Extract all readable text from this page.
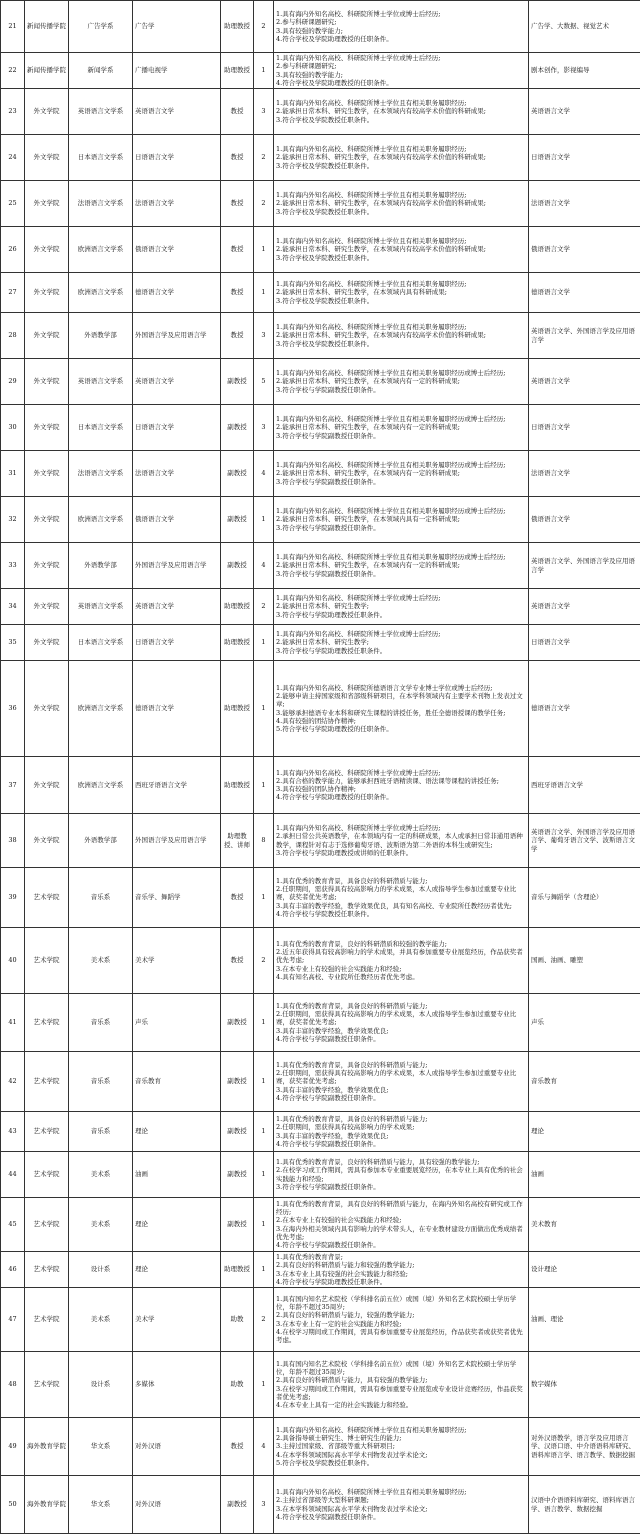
21	新闻传播学院	广告学系	广告学	助理教授	2	1.具有海内外知名高校、科研院所博士学位或博士后经历;
2.参与科研课题研究;
3.具有较强的教学能力;
4.符合学校及学院助理教授的任职条件。	广告学、大数据、视觉艺术
22	新闻传播学院	新闻学系	广播电视学	助理教授	1	1.具有海内外知名高校、科研院所博士学位或博士后经历;
2.参与科研课题研究;
3.具有较强的教学能力;
4.符合学校及学院助理教授的任职条件。	剧本创作，影视编导
23	外文学院	英语语言文学系	英语语言文学	教授	3	1.具有海内外知名高校、科研院所博士学位且有相关职务履职经历;
2.能承担日常本科、研究生教学，在本领域内有较高学术价值的科研成果;
3.符合学校及学院教授任职条件。	英语语言文学
24	外文学院	日本语言文学系	日语语言文学	教授	2	1.具有海内外知名高校、科研院所博士学位且有相关职务履职经历;
2.能承担日常本科、研究生教学，在本领域内有较高学术价值的科研成果;
3.符合学校及学院教授任职条件。	日语语言文学
25	外文学院	法语语言文学系	法语语言文学	教授	2	1.具有海内外知名高校、科研院所博士学位且有相关职务履职经历;
2.能承担日常本科、研究生教学，在本领域内有较高学术价值的科研成果;
3.符合学校及学院教授任职条件。	法语语言文学
26	外文学院	欧洲语言文学系	俄语语言文学	教授	1	1.具有海内外知名高校、科研院所博士学位且有相关职务履职经历;
2.能承担日常本科、研究生教学，在本领域内有较高学术价值的科研成果;
3.符合学校及学院教授任职条件。	俄语语言文学
27	外文学院	欧洲语言文学系	德语语言文学	教授	1	1.具有海内外知名高校、科研院所博士学位且有相关职务履职经历;
2.能承担日常本科、研究生教学，在本领域内具有科研成果;
3.符合学校及学院教授任职条件。	德语语言文学
28	外文学院	外语教学部	外国语言学及应用语言学	教授	3	1.具有海内外知名高校、科研院所博士学位且有相关职务履职经历;
2.能承担日常本科、研究生教学，在本领域内有较高学术价值的科研成果;
3.符合学校及学院教授任职条件。	英语语言文学、外国语言学及应用语言学
29	外文学院	英语语言文学系	英语语言文学	副教授	5	1.具有海内外知名高校、科研院所博士学位且有相关职务履职经历或博士后经历;
2.能承担日常本科、研究生教学，在本领域内有一定的科研成果;
3.符合学校与学院副教授任职条件。	英语语言文学
30	外文学院	日本语言文学系	日语语言文学	副教授	3	1.具有海内外知名高校、科研院所博士学位且有相关职务履职经历或博士后经历;
2.能承担日常本科、研究生教学，在本领域内有一定的科研成果;
3.符合学校与学院副教授任职条件。	日语语言文学
31	外文学院	法语语言文学系	法语语言文学	副教授	4	1.具有海内外知名高校、科研院所博士学位且有相关职务履职经历或博士后经历;
2.能承担日常本科、研究生教学，在本领域内有一定的科研成果;
3.符合学校与学院副教授任职条件。	法语语言文学
32	外文学院	欧洲语言文学系	俄语语言文学	副教授	1	1.具有海内外知名高校、科研院所博士学位且有相关职务履职经历或博士后经历;
2.能承担日常本科、研究生教学，在本领域内具有一定科研成果;
3.符合学校与学院副教授任职条件。	俄语语言文学
33	外文学院	外语教学部	外国语言学及应用语言学	副教授	4	1.具有海内外知名高校、科研院所博士学位且有相关职务履职经历或博士后经历;
2.能承担日常本科、研究生教学，在本领域内有一定的科研成果;
3.符合学校与学院副教授任职条件。	英语语言文学、外国语言学及应用语言学
34	外文学院	英语语言文学系	英语语言文学	助理教授	2	1.具有海内外知名高校、科研院所博士学位或博士后经历;
2.能承担日常本科、研究生教学;
3.符合学校与学院助理教授任职条件。	英语语言文学
35	外文学院	日本语言文学系	日语语言文学	助理教授	1	1.具有海内外知名高校、科研院所博士学位或博士后经历;
2.能承担日常本科、研究生教学;
3.符合学校与学院助理教授任职条件。	日语语言文学
36	外文学院	欧洲语言文学系	德语语言文学	助理教授	1	1.具有海内外知名高校、科研院所德语语言文学专业博士学位或博士后经历;
2.能够申请主持国家级和省部级科研项目，在本学科领域内有主要学术刊物上发表过文章;
3.能够承担德语专业本科和研究生课程的讲授任务，胜任全德语授课的教学任务;
4.具有较强的团结协作精神;
5.符合学校与学院助理教授的任职条件。	德语语言文学
37	外文学院	欧洲语言文学系	西班牙语语言文学	助理教授	1	1.具有海内外知名高校、科研院所博士学位或博士后经历;
2.具有合格的教学能力，能够承担西班牙语精读课、语法课等课程的讲授任务;
3.具有较强的团队协作精神;
4.符合学校与学院助理教授的任职条件。	西班牙语语言文学
38	外文学院	外语教学部	外国语言学及应用语言学	助理教授、讲师	8	1.具有海内外知名高校、科研院所博士学位或博士后经历;
2.承担日常公共英语教学，在本领域内有一定的科研成果，本人或承担日常非通用语种教学，课程针对有志于选修葡萄牙语、波斯语为第二外语的本科生或研究生;
3.符合学校与学院助理教授或讲师的任职条件。	英语语言文学、外国语言学及应用语言学、葡萄牙语言文学、波斯语言文学
39	艺术学院	音乐系	音乐学、舞蹈学	教授	1	1.具有优秀的教育背景，具备良好的科研潜质与能力;
2.任职期间，需获得具有较高影响力的学术成果，本人或指导学生参加过重要专业比赛，获奖者优先考虑;
3.具有丰富的教学经验，教学效果优良，具有知名高校、专业院所任教经历者优先;
4.符合学校与学院教授任职条件。	音乐与舞蹈学（含理论）
40	艺术学院	美术系	美术学	教授	2	1.具有优秀的教育背景，良好的科研潜质和较强的教学能力;
2.近五年获得具有较高影响力的学术成果，并具有参加重要专业展览经历，作品获奖者优先考虑;
3.在本专业上有较强的社会实践能力和经验;
4.具有知名高校、专业院所任教经历者优先考虑。	国画、油画、雕塑
41	艺术学院	音乐系	声乐	副教授	1	1.具有优秀的教育背景，具备良好的科研潜质与能力;
2.任职期间，需获得具有较高影响力的学术成果，本人或指导学生参加过重要专业比赛，获奖者优先考虑;
3.具有丰富的教学经验，教学效果优良;
4.符合学校与学院副教授任职条件。	声乐
42	艺术学院	音乐系	音乐教育	副教授	1	1.具有优秀的教育背景，具备良好的科研潜质与能力;
2.任职期间，需获得具有较高影响力的学术成果，本人或指导学生参加过重要专业比赛，获奖者优先考虑;
3.具有丰富的教学经验，教学效果优良;
4.符合学校与学院副教授任职条件。	音乐教育
43	艺术学院	音乐系	理论	副教授	1	1.具有优秀的教育背景，具备良好的科研潜质与能力;
2.任职期间，需获得具有较高影响力的学术成果;
3.具有丰富的教学经验，教学效果优良;
4.符合学校与学院副教授任职条件。	理论
44	艺术学院	美术系	油画	副教授	1	1.具有优秀的教育背景，良好的科研潜质与能力，具有较强的教学能力;
2.在校学习或工作期间，需具有参加本专业重要展览经历，在本专业上具有优秀的社会实践能力和经验;
3.符合学校与学院副教授任职条件。	油画
45	艺术学院	美术系	理论	副教授	1	1.具有优秀的教育背景，具有良好的科研潜质与能力，在海内外知名高校有研究或工作经历;
2.在本专业上有较强的社会实践能力和经验;
3.在海内外相关领域内具有影响力的学术带头人，在专业教材建设方面做出优秀成绩者优先考虑;
4.符合学校与学院副教授任职条件。	美术教育
46	艺术学院	设计系	理论	助理教授	1	1.具有优秀的教育背景;
2.具有良好的科研潜质与能力和较强的教学能力;
3.在本专业上具有较强的社会实践能力和经验;
4.符合学校与学院助理教授任职条件。	设计理论
47	艺术学院	美术系	美术学	助教	2	1.具有国内知名艺术院校（学科排名前五位）或国（境）外知名艺术院校硕士学历学位，年龄不超过35周岁;
2.具有良好的科研潜质与能力，较强的教学能力;
3.在本专业上有一定的社会实践能力和经验;
4.在校学习期间或工作期间，需具有参加重要专业展览经历，作品获奖者或获奖者优先考虑。	油画、理论
48	艺术学院	设计系	多媒体	助教	1	1.具有国内知名艺术院校（学科排名前五位）或国（境）外知名艺术院校硕士学历学位，年龄不超过35周岁;
2.具有良好的科研潜质与能力，具有较强的教学能力;
3.在校学习期间或工作期间，需具有参加重要专业展览或专业设计竞赛经历，作品获奖者优先考虑;
4.在本专业上具有一定的社会实践能力和经验。	数字媒体
49	海外教育学院	华文系	对外汉语	教授	4	1.具有海内外知名高校、科研院所博士学位且有相关职务履职经历;
2.具备指导硕士研究生、博士研究生的能力;
3.主持过国家级、省部级等重大科研项目;
4.在本学科领域国际高水平学术刊物发表过学术论文;
5.符合学校及学院教授任职条件。	对外汉语教学，语言学及应用语言学、汉语口语、中介语语料库研究、语料库语言学、语言教学、数据挖掘
50	海外教育学院	华文系	对外汉语	副教授	3	1.具有海内外知名高校、科研院所博士学位且有相关职务履职经历;
2.主持过省部级等大型科研课题;
3.在本学科领域国际高水平学术刊物发表过学术论文;
4.符合学校及学院副教授任职条件。	汉语中介语语料库研究、语料库语言学、语言教学、数据挖掘
